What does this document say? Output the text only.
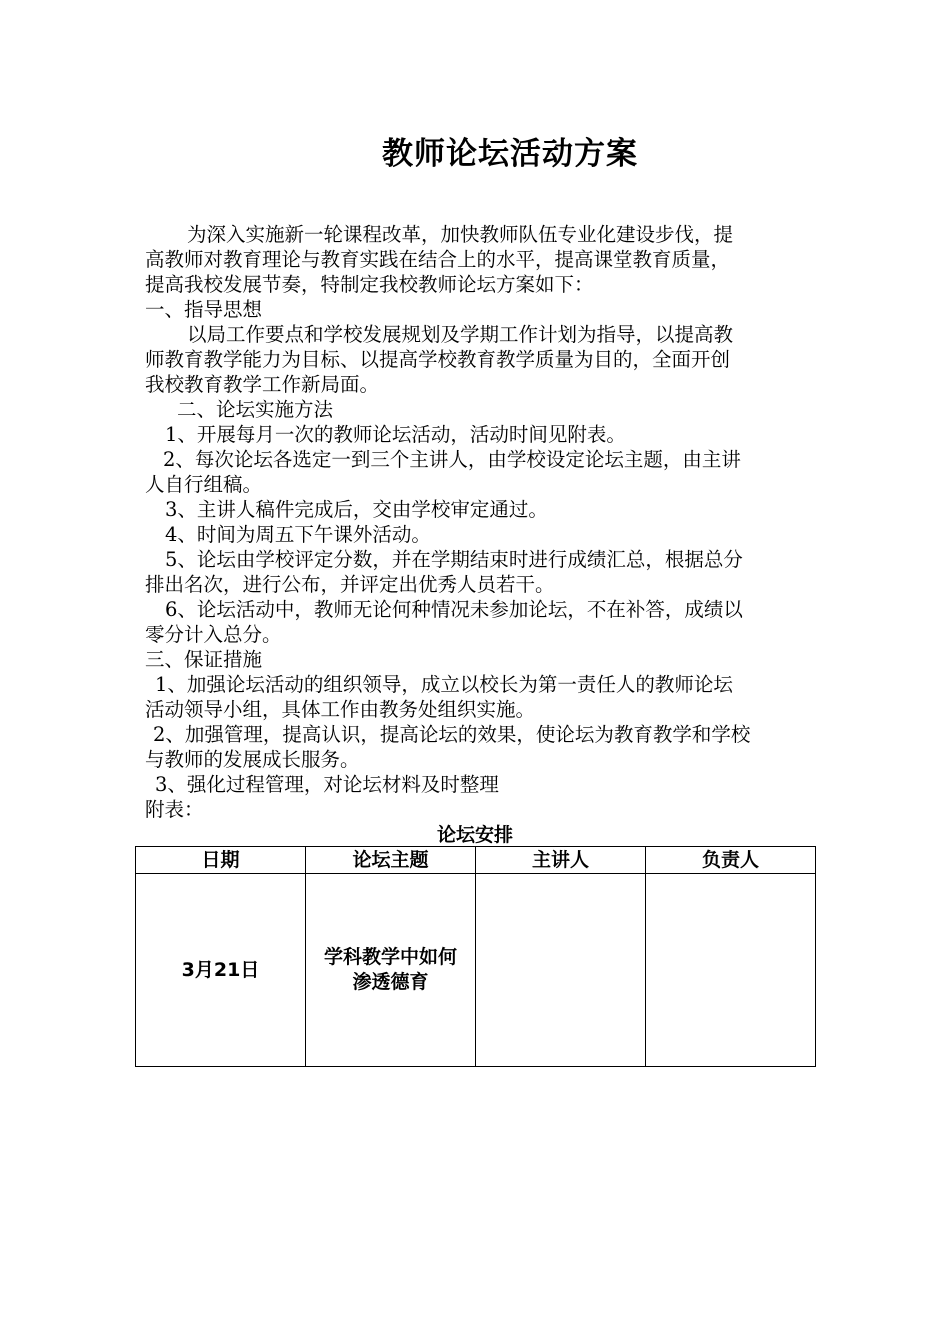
教师论坛活动方案

为深入实施新一轮课程改革，加快教师队伍专业化建设步伐，提

高教师对教育理论与教育实践在结合上的水平，提高课堂教育质量，

提高我校发展节奏，特制定我校教师论坛方案如下：

一、指导思想

以局工作要点和学校发展规划及学期工作计划为指导，以提高教

师教育教学能力为目标、以提高学校教育教学质量为目的，全面开创

我校教育教学工作新局面。

二、论坛实施方法

1、开展每月一次的教师论坛活动，活动时间见附表。

2、每次论坛各选定一到三个主讲人，由学校设定论坛主题，由主讲

人自行组稿。

3、主讲人稿件完成后，交由学校审定通过。

4、时间为周五下午课外活动。

5、论坛由学校评定分数，并在学期结束时进行成绩汇总，根据总分

排出名次，进行公布，并评定出优秀人员若干。

6、论坛活动中，教师无论何种情况未参加论坛，不在补答，成绩以

零分计入总分。

三、保证措施

1、加强论坛活动的组织领导，成立以校长为第一责任人的教师论坛

活动领导小组，具体工作由教务处组织实施。

2、加强管理，提高认识，提高论坛的效果，使论坛为教育教学和学校

与教师的发展成长服务。

3、强化过程管理，对论坛材料及时整理

附表：

论坛安排
日期	论坛主题	主讲人	负责人
3月21日	学科教学中如何渗透德育		
